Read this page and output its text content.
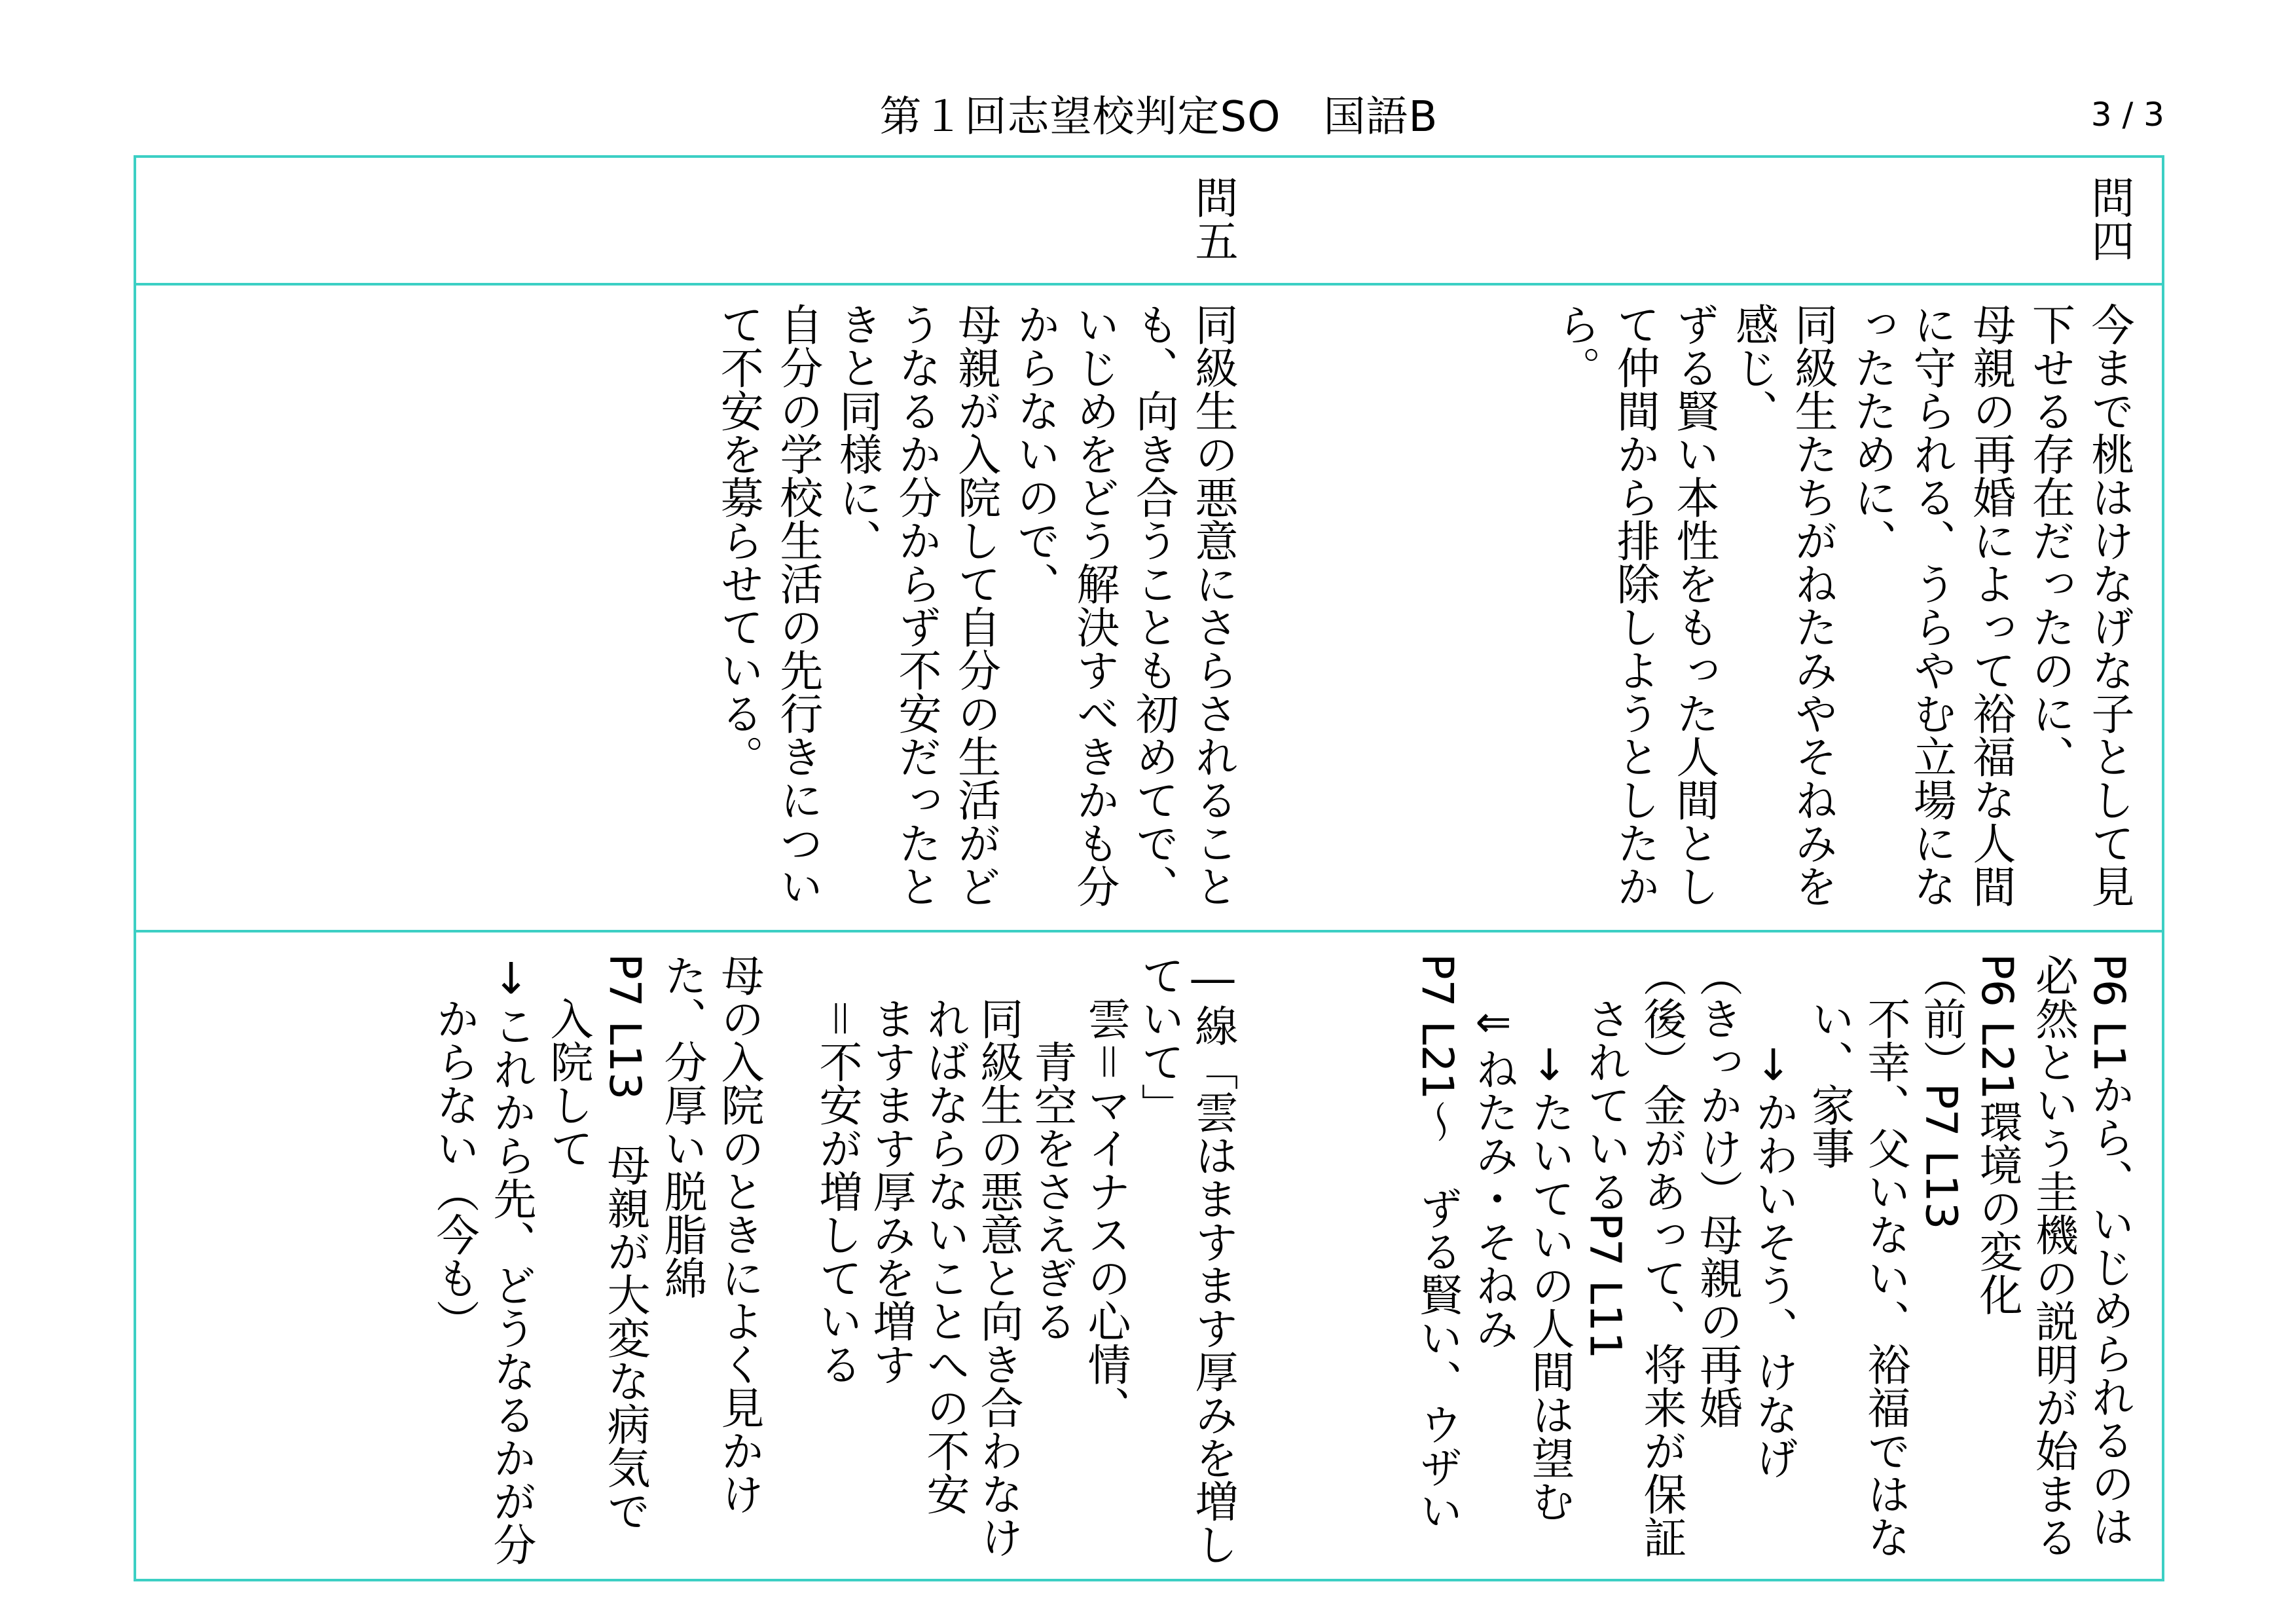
第１回志望校判定SO　国語B	3 / 3
問四
問五
今まで桃はけなげな子として見
下せる存在だったのに、
母親の再婚によって裕福な人間
に守られる、うらやむ立場にな
ったために、
同級生たちがねたみやそねみを
感じ、
ずる賢い本性をもった人間とし
て仲間から排除しようとしたか
ら。
同級生の悪意にさらされること
も、向き合うことも初めてで、
いじめをどう解決すべきかも分
からないので、
母親が入院して自分の生活がど
うなるか分からず不安だったと
きと同様に、
自分の学校生活の先行きについ
て不安を募らせている。
P6 L1から、いじめられるのは
必然という圭機の説明が始まる
P6 L21環境の変化
（前）P7 L13
不幸、父いない、裕福ではな
い、家事
↓かわいそう、けなげ
（きっかけ）母親の再婚
（後）金があって、将来が保証
されているP7 L11
↓たいていの人間は望む
⇐ねたみ・そねみ
P7 L21〜　ずる賢い、ウザい
―線「雲はますます厚みを増し
ていて」
雲＝マイナスの心情、
青空をさえぎる
同級生の悪意と向き合わなけ
ればならないことへの不安
ますます厚みを増す
＝不安が増している
母の入院のときによく見かけ
た、分厚い脱脂綿
P7 L13　母親が大変な病気で
入院して
↓これから先、どうなるかが分
からない（今も）
